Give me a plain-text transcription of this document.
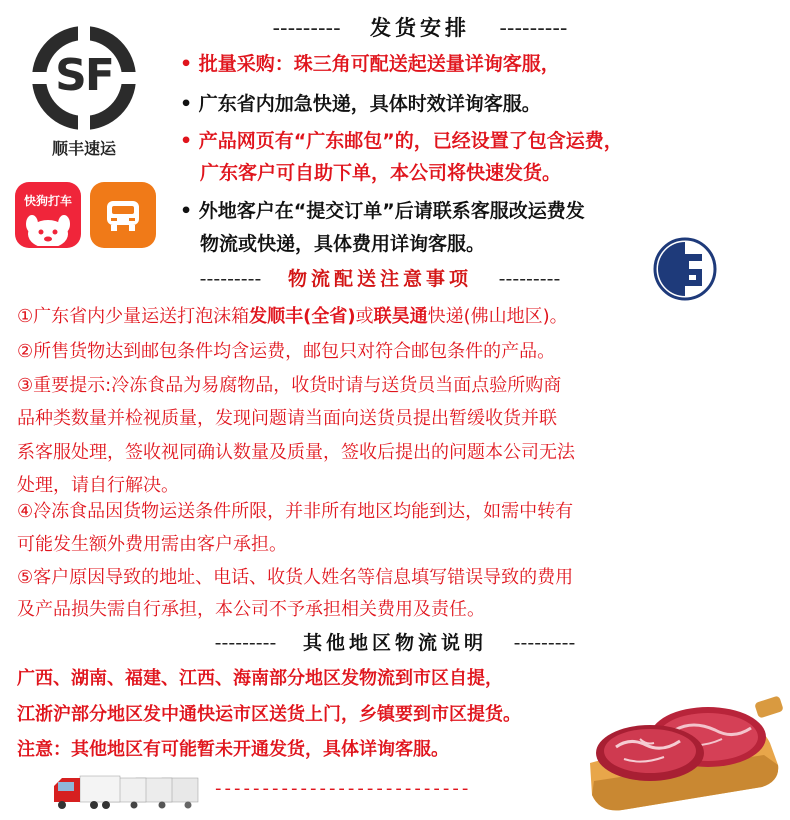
SF
顺丰速运
快狗打车
--------- 发货安排 ---------
• 批量采购：珠三角可配送起送量详询客服，
• 广东省内加急快递，具体时效详询客服。
• 产品网页有“广东邮包”的，已经设置了包含运费，
广东客户可自助下单，本公司将快速发货。
• 外地客户在“提交订单”后请联系客服改运费发
物流或快递，具体费用详询客服。
--------- 物流配送注意事项 ---------
①广东省内少量运送打泡沫箱发顺丰(全省)或联昊通快递(佛山地区)。
②所售货物达到邮包条件均含运费，邮包只对符合邮包条件的产品。
③重要提示:冷冻食品为易腐物品，收货时请与送货员当面点验所购商
品种类数量并检视质量，发现问题请当面向送货员提出暂缓收货并联
系客服处理，签收视同确认数量及质量，签收后提出的问题本公司无法
处理，请自行解决。
④冷冻食品因货物运送条件所限，并非所有地区均能到达，如需中转有
可能发生额外费用需由客户承担。
⑤客户原因导致的地址、电话、收货人姓名等信息填写错误导致的费用
及产品损失需自行承担，本公司不予承担相关费用及责任。
--------- 其他地区物流说明 ---------
广西、湖南、福建、江西、海南部分地区发物流到市区自提，
江浙沪部分地区发中通快运市区送货上门，乡镇要到市区提货。
注意：其他地区有可能暂未开通发货，具体详询客服。
---------------------------
